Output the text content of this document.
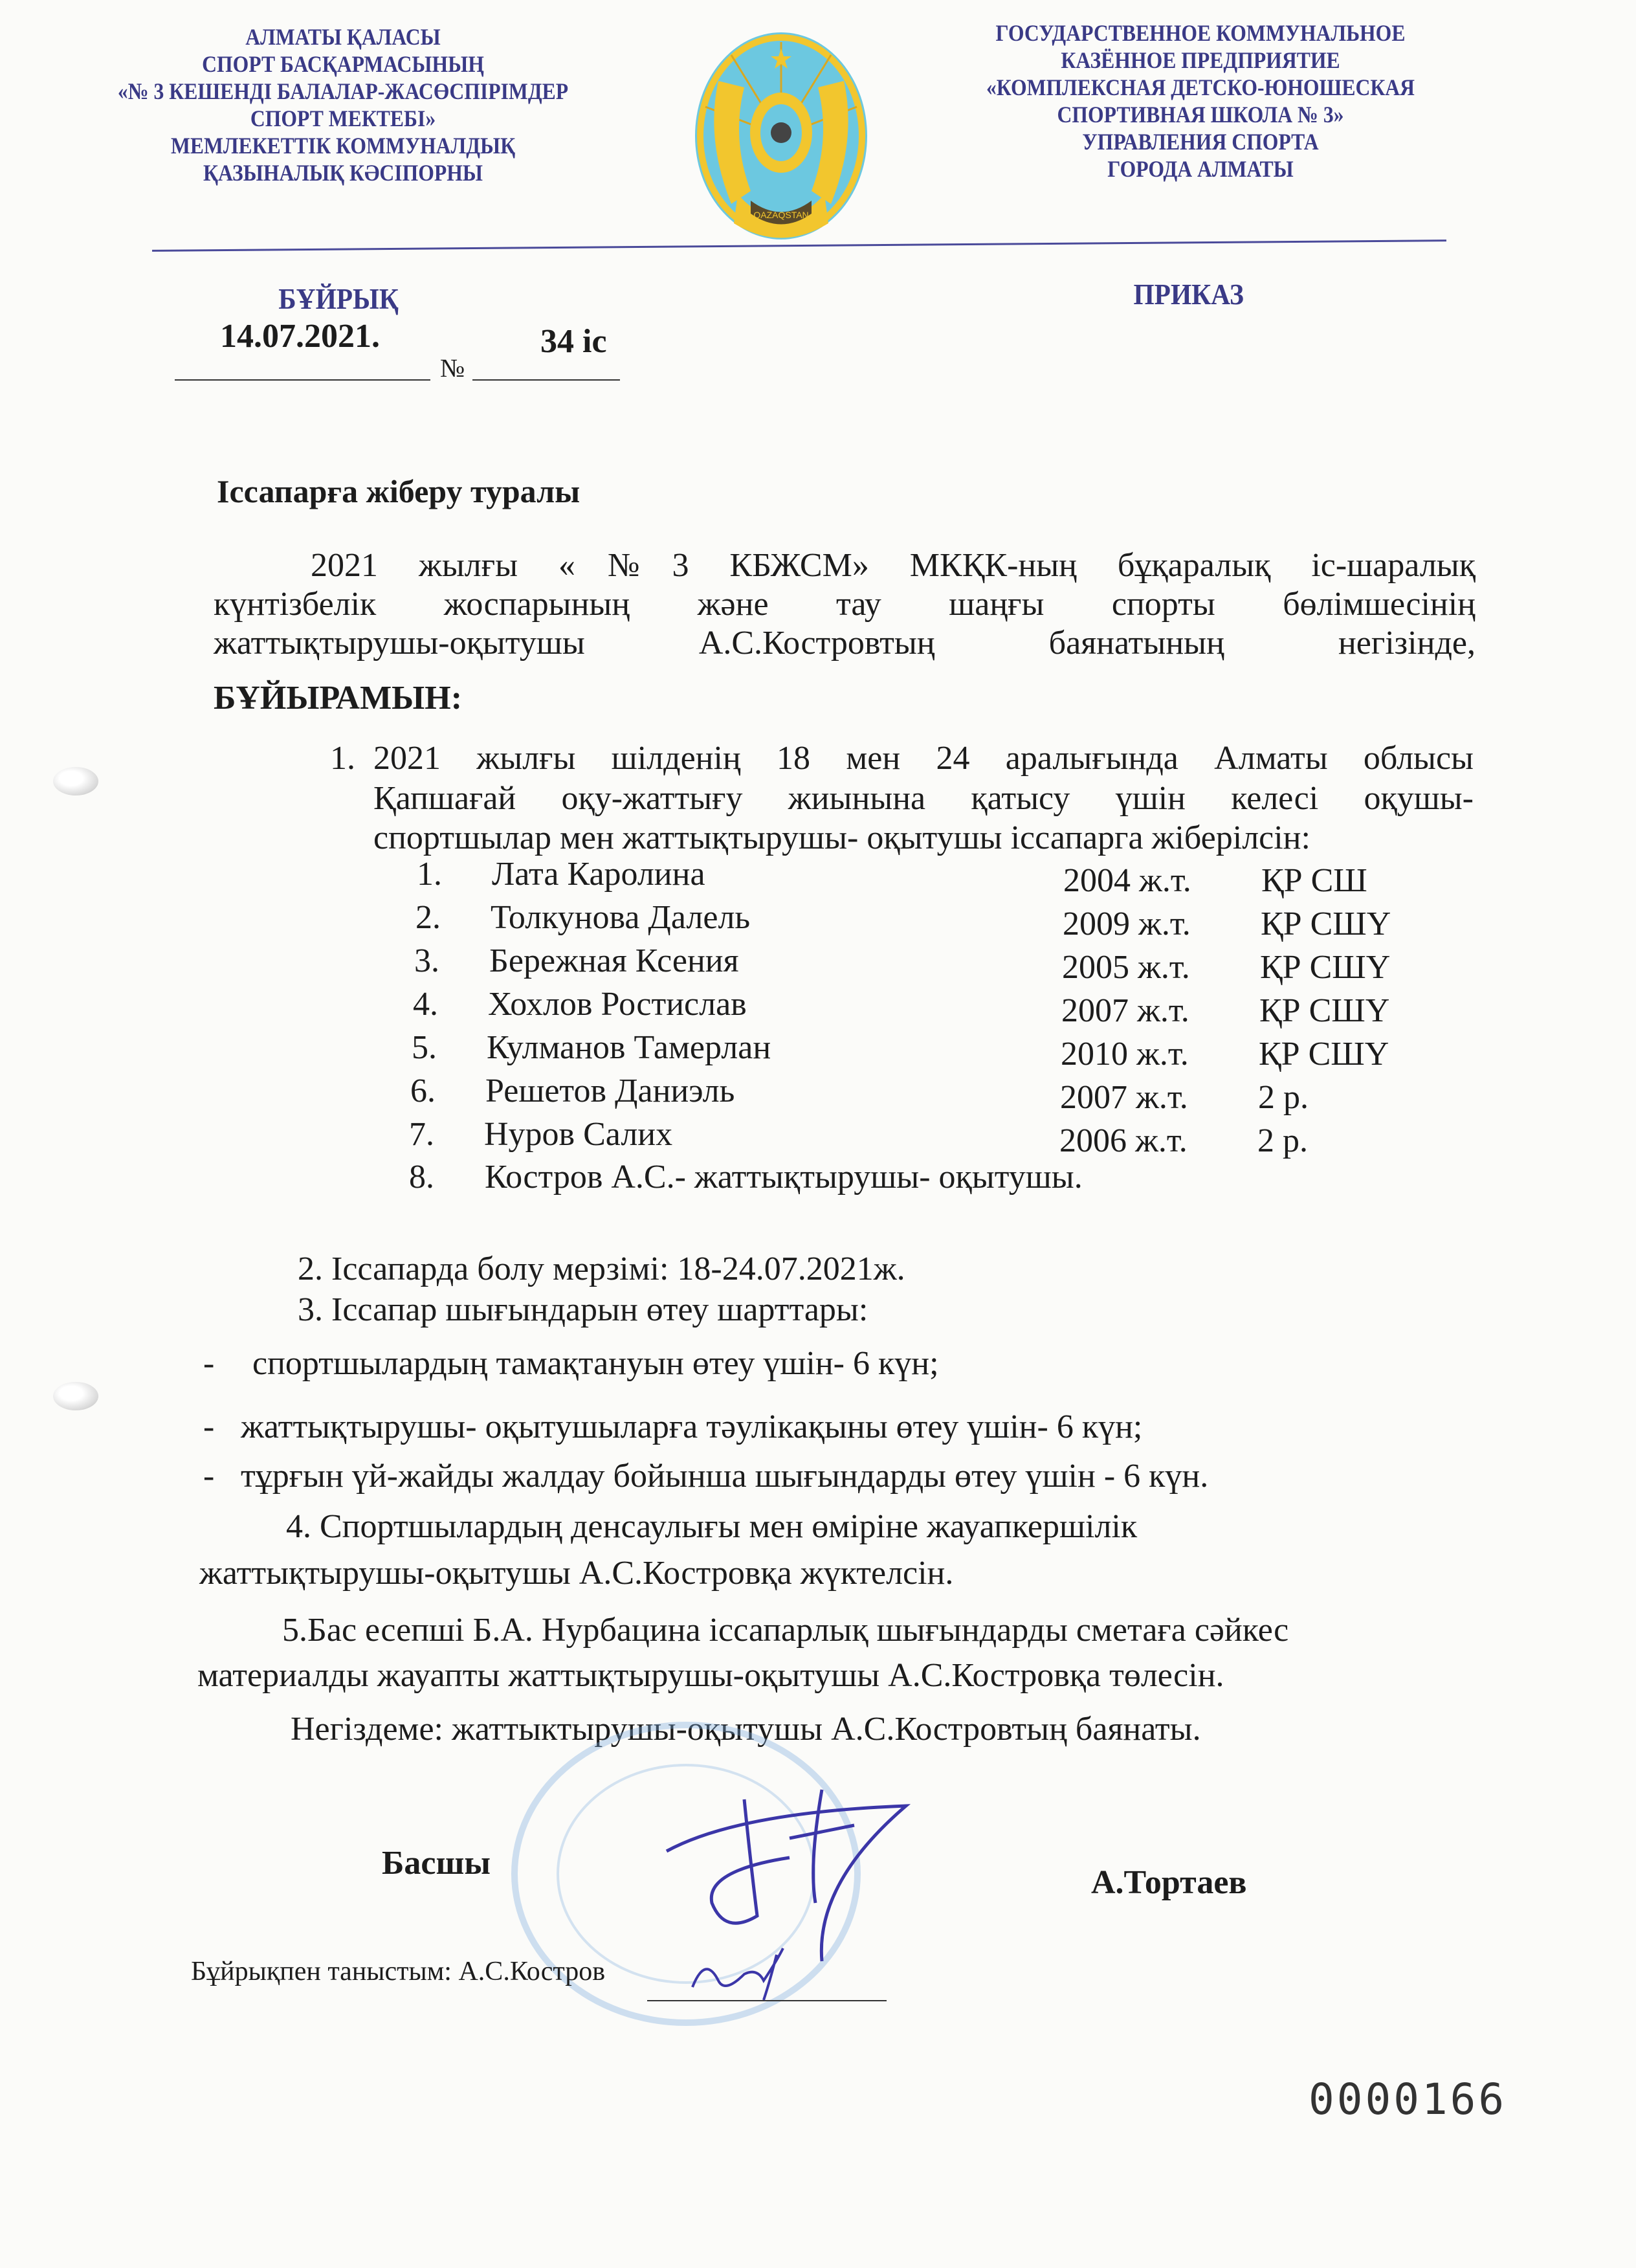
АЛМАТЫ ҚАЛАСЫ
СПОРТ БАСҚАРМАСЫНЫҢ
«№ 3 КЕШЕНДІ БАЛАЛАР-ЖАСӨСПІРІМДЕР
СПОРТ МЕКТЕБІ»
МЕМЛЕКЕТТІК КОММУНАЛДЫҚ
ҚАЗЫНАЛЫҚ КӘСІПОРНЫ
ГОСУДАРСТВЕННОЕ КОММУНАЛЬНОЕ
КАЗЁННОЕ ПРЕДПРИЯТИЕ
«КОМПЛЕКСНАЯ ДЕТСКО-ЮНОШЕСКАЯ
СПОРТИВНАЯ ШКОЛА № 3»
УПРАВЛЕНИЯ СПОРТА
ГОРОДА АЛМАТЫ
QAZAQSTAN
БҰЙРЫҚ	ПРИКАЗ
14.07.2021.	34 іс
№
Іссапарға жіберу туралы
2021 жылғы «№3 КБЖСМ» МКҚК-ның бұқаралық іс-шаралық
күнтізбелік жоспарының және тау шаңғы спорты бөлімшесінің
жаттықтырушы-оқытушы А.С.Костровтың баянатының негізінде,
БҰЙЫРАМЫН:
1. 2021 жылғы шілденің 18 мен 24 аралығында Алматы облысы
Қапшағай оқу-жаттығу жиынына қатысу үшін келесі оқушы-
спортшылар мен жаттықтырушы- оқытушы іссапарга жіберілсін:
1. Лата Каролина	2004 ж.т. ҚР СШ
2. Толкунова Далель	2009 ж.т. ҚР СШҮ
3. Бережная Ксения	2005 ж.т. ҚР СШҮ
4. Хохлов Ростислав	2007 ж.т. ҚР СШҮ
5. Кулманов Тамерлан	2010 ж.т. ҚР СШҮ
6. Решетов Даниэль	2007 ж.т. 2 р.
7. Нуров Салих	2006 ж.т. 2 р.
8. Костров А.С.- жаттықтырушы- оқытушы.
2. Іссапарда болу мерзімі: 18-24.07.2021ж.
3. Іссапар шығындарын өтеу шарттары:
- спортшылардың тамақтануын өтеу үшін- 6 күн;
- жаттықтырушы- оқытушыларға тәулікақыны өтеу үшін- 6 күн;
- тұрғын үй-жайды жалдау бойынша шығындарды өтеу үшін - 6 күн.
4. Спортшылардың денсаулығы мен өміріне жауапкершілік
жаттықтырушы-оқытушы А.С.Костровқа жүктелсін.
5.Бас есепші Б.А. Нурбацина іссапарлық шығындарды сметаға сәйкес
материалды жауапты жаттықтырушы-оқытушы А.С.Костровқа төлесін.
Негіздеме: жаттыктырушы-оқытушы А.С.Костровтың баянаты.
Басшы
А.Тортаев
Бұйрықпен таныстым: А.С.Костров
0000166
